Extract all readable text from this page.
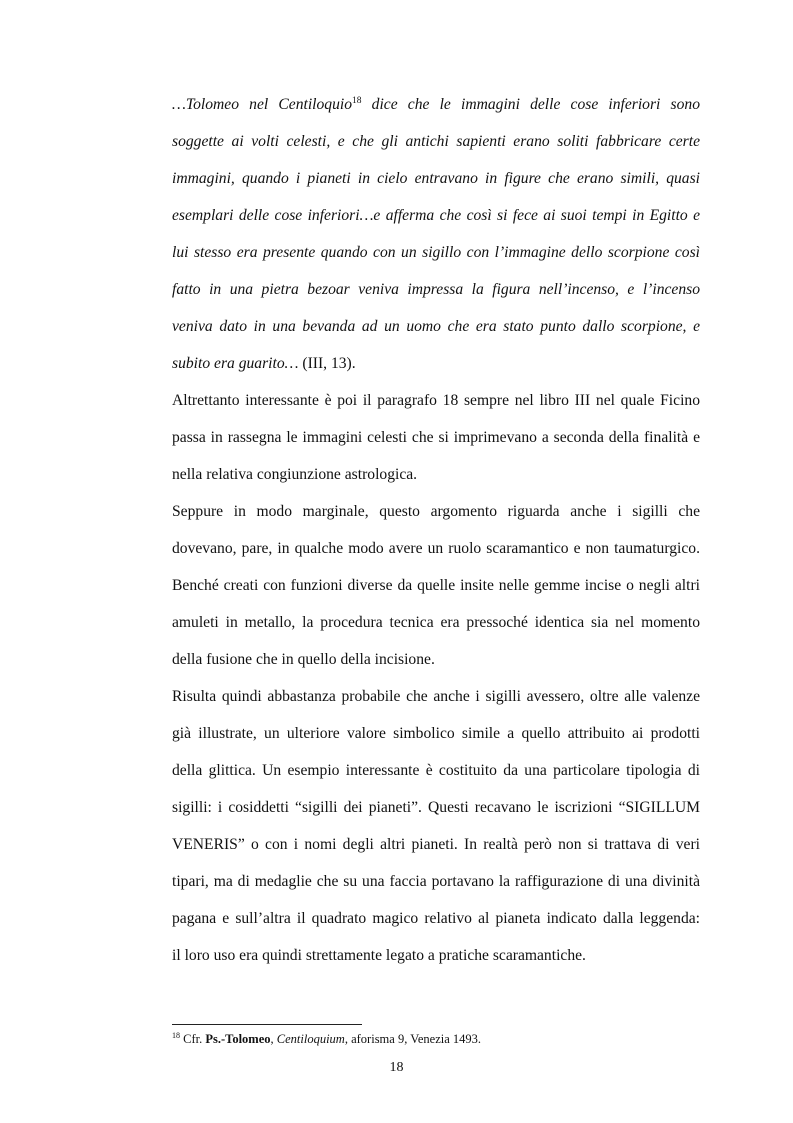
…Tolomeo nel Centiloquio$^{18}$ dice che le immagini delle cose inferiori sono
soggette ai volti celesti, e che gli antichi sapienti erano soliti fabbricare certe
immagini, quando i pianeti in cielo entravano in figure che erano simili, quasi
esemplari delle cose inferiori…e afferma che così si fece ai suoi tempi in Egitto e
lui stesso era presente quando con un sigillo con l’immagine dello scorpione così
fatto in una pietra bezoar veniva impressa la figura nell’incenso, e l’incenso
veniva dato in una bevanda ad un uomo che era stato punto dallo scorpione, e
subito era guarito… (III, 13).
Altrettanto interessante è poi il paragrafo 18 sempre nel libro III nel quale Ficino
passa in rassegna le immagini celesti che si imprimevano a seconda della finalità e
nella relativa congiunzione astrologica.
Seppure in modo marginale, questo argomento riguarda anche i sigilli che
dovevano, pare, in qualche modo avere un ruolo scaramantico e non taumaturgico.
Benché creati con funzioni diverse da quelle insite nelle gemme incise o negli altri
amuleti in metallo, la procedura tecnica era pressoché identica sia nel momento
della fusione che in quello della incisione.
Risulta quindi abbastanza probabile che anche i sigilli avessero, oltre alle valenze
già illustrate, un ulteriore valore simbolico simile a quello attribuito ai prodotti
della glittica. Un esempio interessante è costituito da una particolare tipologia di
sigilli: i cosiddetti “sigilli dei pianeti”. Questi recavano le iscrizioni “SIGILLUM
VENERIS” o con i nomi degli altri pianeti. In realtà però non si trattava di veri
tipari, ma di medaglie che su una faccia portavano la raffigurazione di una divinità
pagana e sull’altra il quadrato magico relativo al pianeta indicato dalla leggenda:
il loro uso era quindi strettamente legato a pratiche scaramantiche.
$^{18}$ Cfr. Ps.-Tolomeo, Centiloquium, aforisma 9, Venezia 1493.
18
